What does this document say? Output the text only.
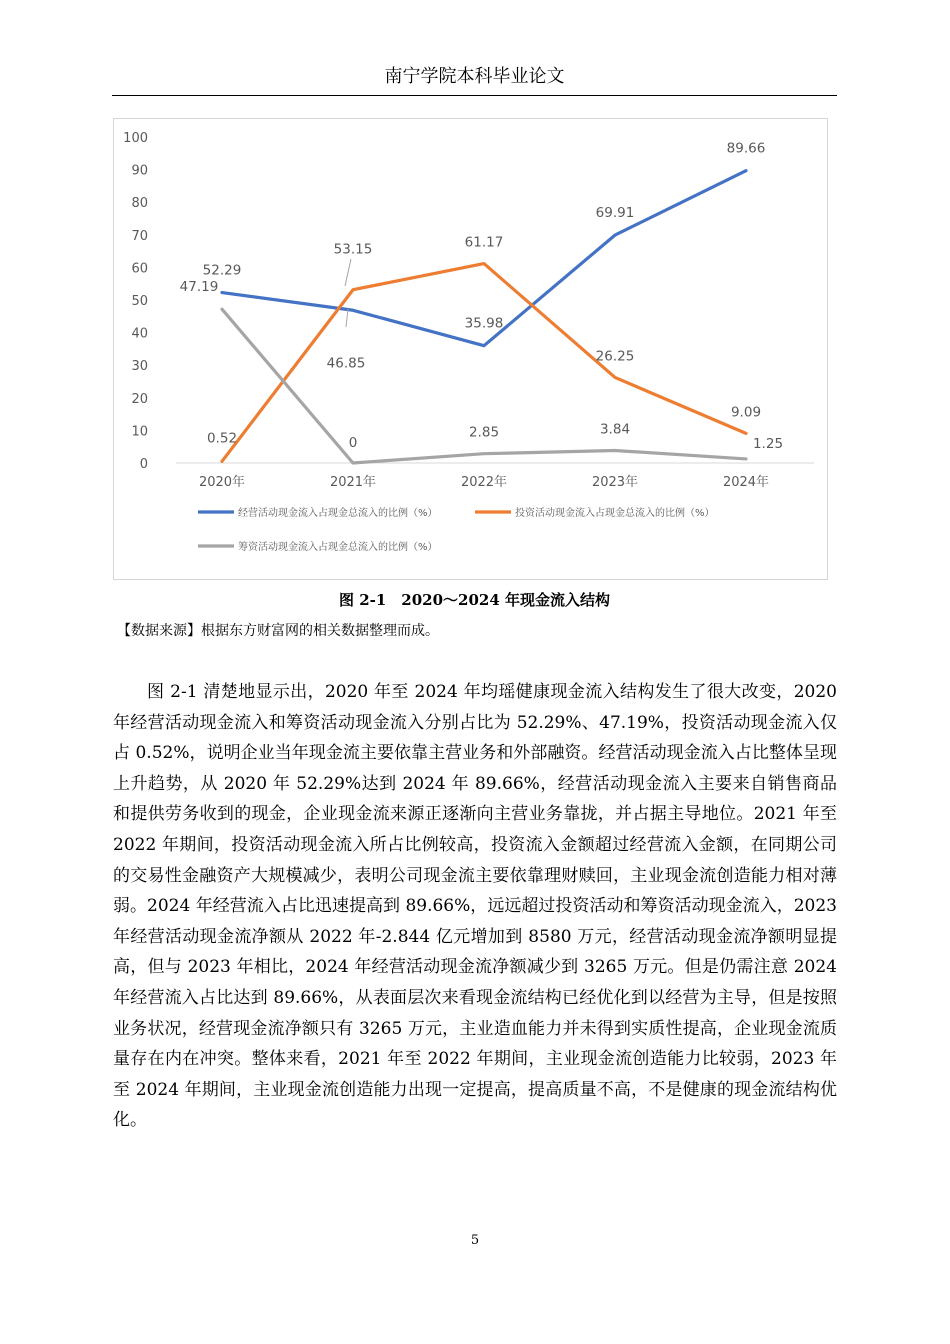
南宁学院本科毕业论文
0
10
20
30
40
50
60
70
80
90
100
2020年	2021年	2022年	2023年	2024年
52.29
46.85
35.98
69.91
89.66
0.52
53.15	61.17
26.25
9.09
47.19
0
2.85	3.84
1.25
经营活动现金流入占现金总流入的比例（%）	投资活动现金流入占现金总流入的比例（%）
筹资活动现金流入占现金总流入的比例（%）
图 2-1　2020～2024 年现金流入结构
【数据来源】根据东方财富网的相关数据整理而成。

图 2-1 清楚地显示出，2020 年至 2024 年均瑶健康现金流入结构发生了很大改变，2020 年经营活动现金流入和筹资活动现金流入分别占比为 52.29%、47.19%，投资活动现金流入仅占 0.52%，说明企业当年现金流主要依靠主营业务和外部融资。经营活动现金流入占比整体呈现上升趋势，从 2020 年 52.29%达到 2024 年 89.66%，经营活动现金流入主要来自销售商品和提供劳务收到的现金，企业现金流来源正逐渐向主营业务靠拢，并占据主导地位。2021 年至 2022 年期间，投资活动现金流入所占比例较高，投资流入金额超过经营流入金额，在同期公司的交易性金融资产大规模减少，表明公司现金流主要依靠理财赎回，主业现金流创造能力相对薄弱。2024 年经营流入占比迅速提高到 89.66%，远远超过投资活动和筹资活动现金流入，2023 年经营活动现金流净额从 2022 年-2.844 亿元增加到 8580 万元，经营活动现金流净额明显提高，但与 2023 年相比，2024 年经营活动现金流净额减少到 3265 万元。但是仍需注意 2024 年经营流入占比达到 89.66%，从表面层次来看现金流结构已经优化到以经营为主导，但是按照业务状况，经营现金流净额只有 3265 万元，主业造血能力并未得到实质性提高，企业现金流质量存在内在冲突。整体来看，2021 年至 2022 年期间，主业现金流创造能力比较弱，2023 年至 2024 年期间，主业现金流创造能力出现一定提高，提高质量不高，不是健康的现金流结构优化。

5
